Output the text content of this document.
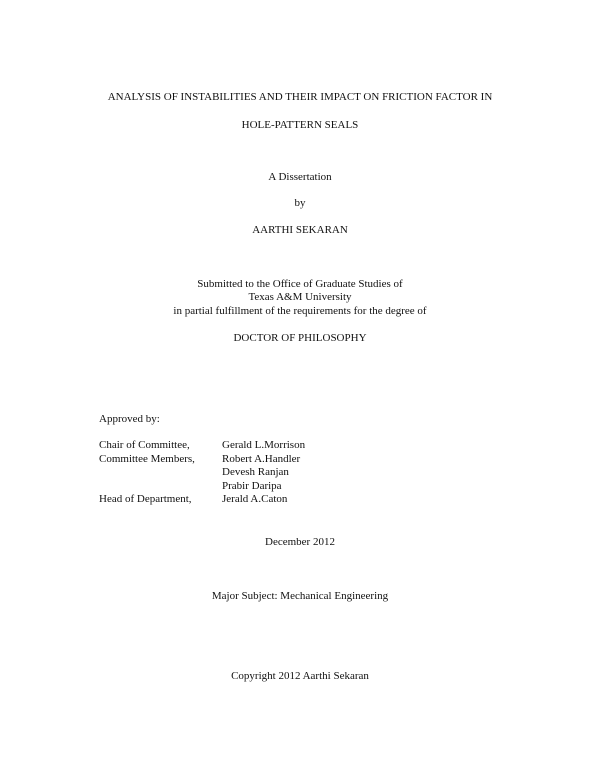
ANALYSIS OF INSTABILITIES AND THEIR IMPACT ON FRICTION FACTOR IN
HOLE-PATTERN SEALS
A Dissertation
by
AARTHI SEKARAN
Submitted to the Office of Graduate Studies of
Texas A&M University
in partial fulfillment of the requirements for the degree of
DOCTOR OF PHILOSOPHY
Approved by:
Chair of Committee,	Gerald L.Morrison
Committee Members, Robert A.Handler
Devesh Ranjan
Prabir Daripa
Head of Department,	Jerald A.Caton
December 2012
Major Subject: Mechanical Engineering
Copyright 2012 Aarthi Sekaran
